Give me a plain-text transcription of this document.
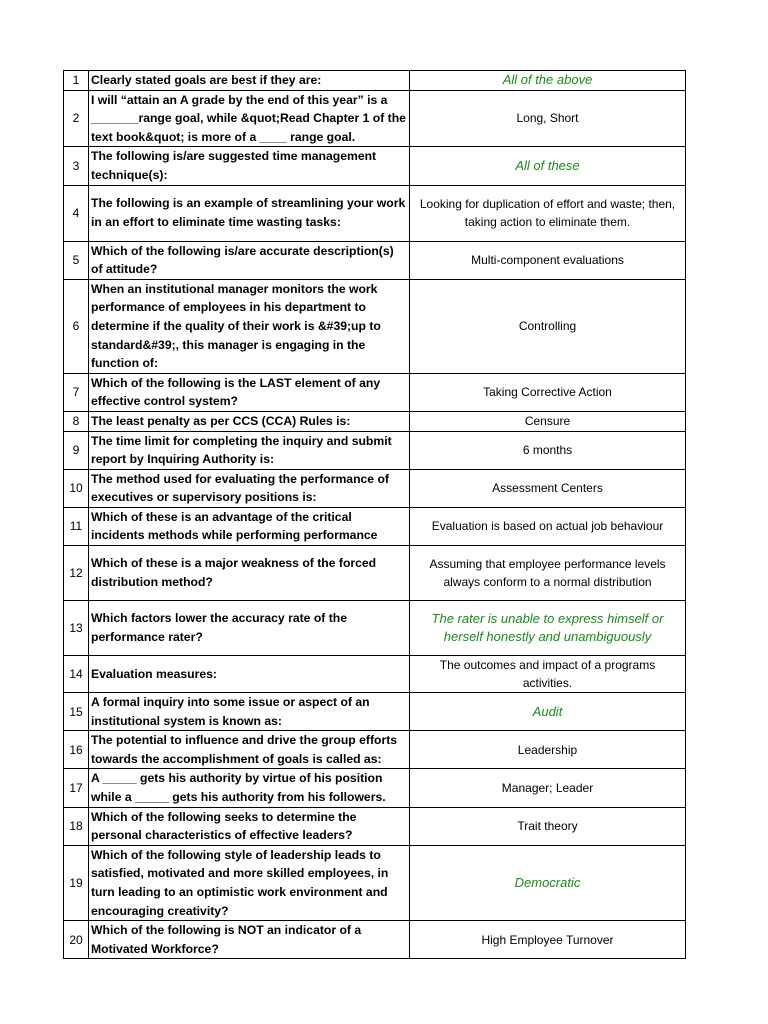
1	Clearly stated goals are best if they are:	All of the above
2	I will “attain an A grade by the end of this year” is a _______range goal, while &quot;Read Chapter 1 of the text book&quot; is more of a ____ range goal.	Long, Short
3	The following is/are suggested time management technique(s):	All of these
4	The following is an example of streamlining your work in an effort to eliminate time wasting tasks:	Looking for duplication of effort and waste; then, taking action to eliminate them.
5	Which of the following is/are accurate description(s) of attitude?	Multi-component evaluations
6	When an institutional manager monitors the work performance of employees in his department to determine if the quality of their work is &#39;up to standard&#39;, this manager is engaging in the function of:	Controlling
7	Which of the following is the LAST element of any effective control system?	Taking Corrective Action
8	The least penalty as per CCS (CCA) Rules is:	Censure
9	The time limit for completing the inquiry and submit report by Inquiring Authority is:	6 months
10	The method used for evaluating the performance of executives or supervisory positions is:	Assessment Centers
11	Which of these is an advantage of the critical incidents methods while performing performance	Evaluation is based on actual job behaviour
12	Which of these is a major weakness of the forced distribution method?	Assuming that employee performance levels always conform to a normal distribution
13	Which factors lower the accuracy rate of the performance rater?	The rater is unable to express himself or herself honestly and unambiguously
14	Evaluation measures:	The outcomes and impact of a programs activities.
15	A formal inquiry into some issue or aspect of an institutional system is known as:	Audit
16	The potential to influence and drive the group efforts towards the accomplishment of goals is called as:	Leadership
17	A _____ gets his authority by virtue of his position while a _____ gets his authority from his followers.	Manager; Leader
18	Which of the following seeks to determine the personal characteristics of effective leaders?	Trait theory
19	Which of the following style of leadership leads to satisfied, motivated and more skilled employees, in turn leading to an optimistic work environment and encouraging creativity?	Democratic
20	Which of the following is NOT an indicator of a Motivated Workforce?	High Employee Turnover
